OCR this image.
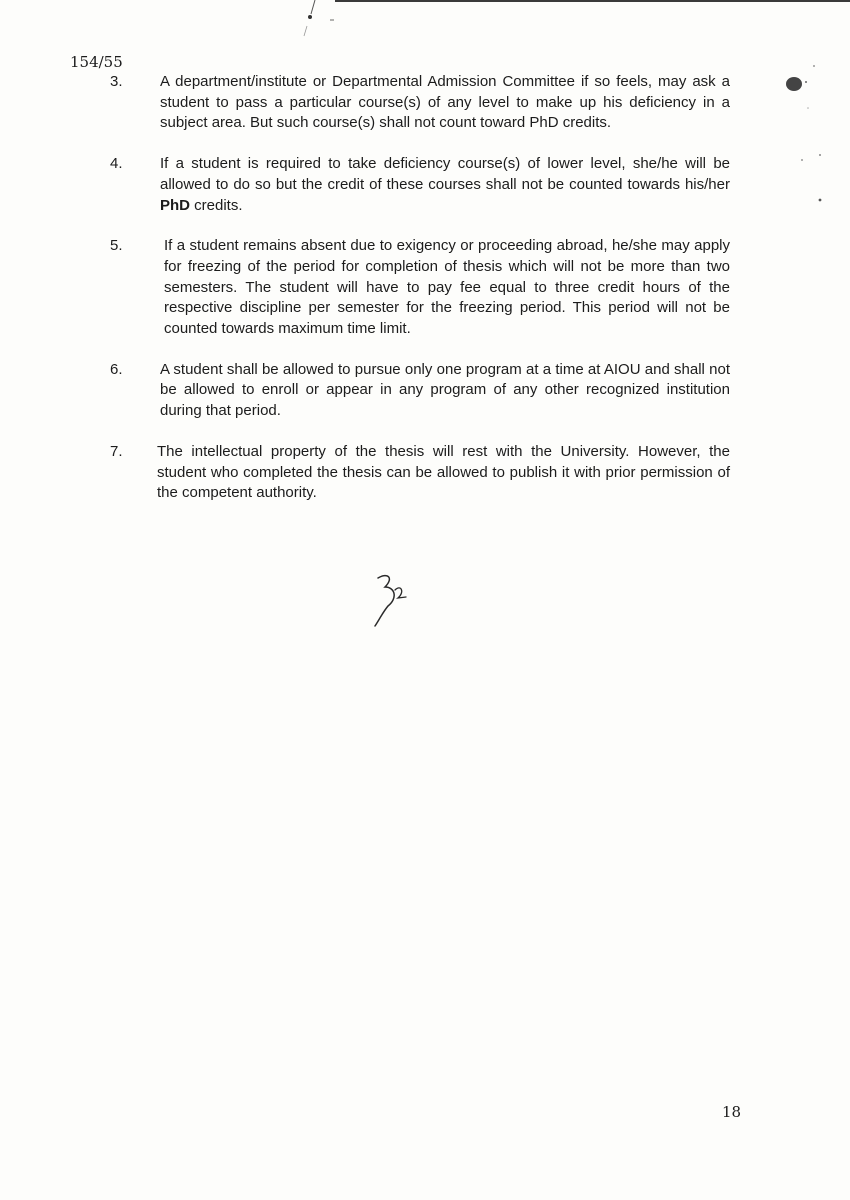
154/55
3. A department/institute or Departmental Admission Committee if so feels, may ask a student to pass a particular course(s) of any level to make up his deficiency in a subject area. But such course(s) shall not count toward PhD credits.

4. If a student is required to take deficiency course(s) of lower level, she/he will be allowed to do so but the credit of these courses shall not be counted towards his/her PhD credits.

5.	If a student remains absent due to exigency or proceeding abroad, he/she may apply for freezing of the period for completion of thesis which will not be more than two semesters. The student will have to pay fee equal to three credit hours of the respective discipline per semester for the freezing period. This period will not be counted towards maximum time limit.

6. A student shall be allowed to pursue only one program at a time at AIOU and shall not be allowed to enroll or appear in any program of any other recognized institution during that period.

7. The intellectual property of the thesis will rest with the University. However, the student who completed the thesis can be allowed to publish it with prior permission of the competent authority.

18
